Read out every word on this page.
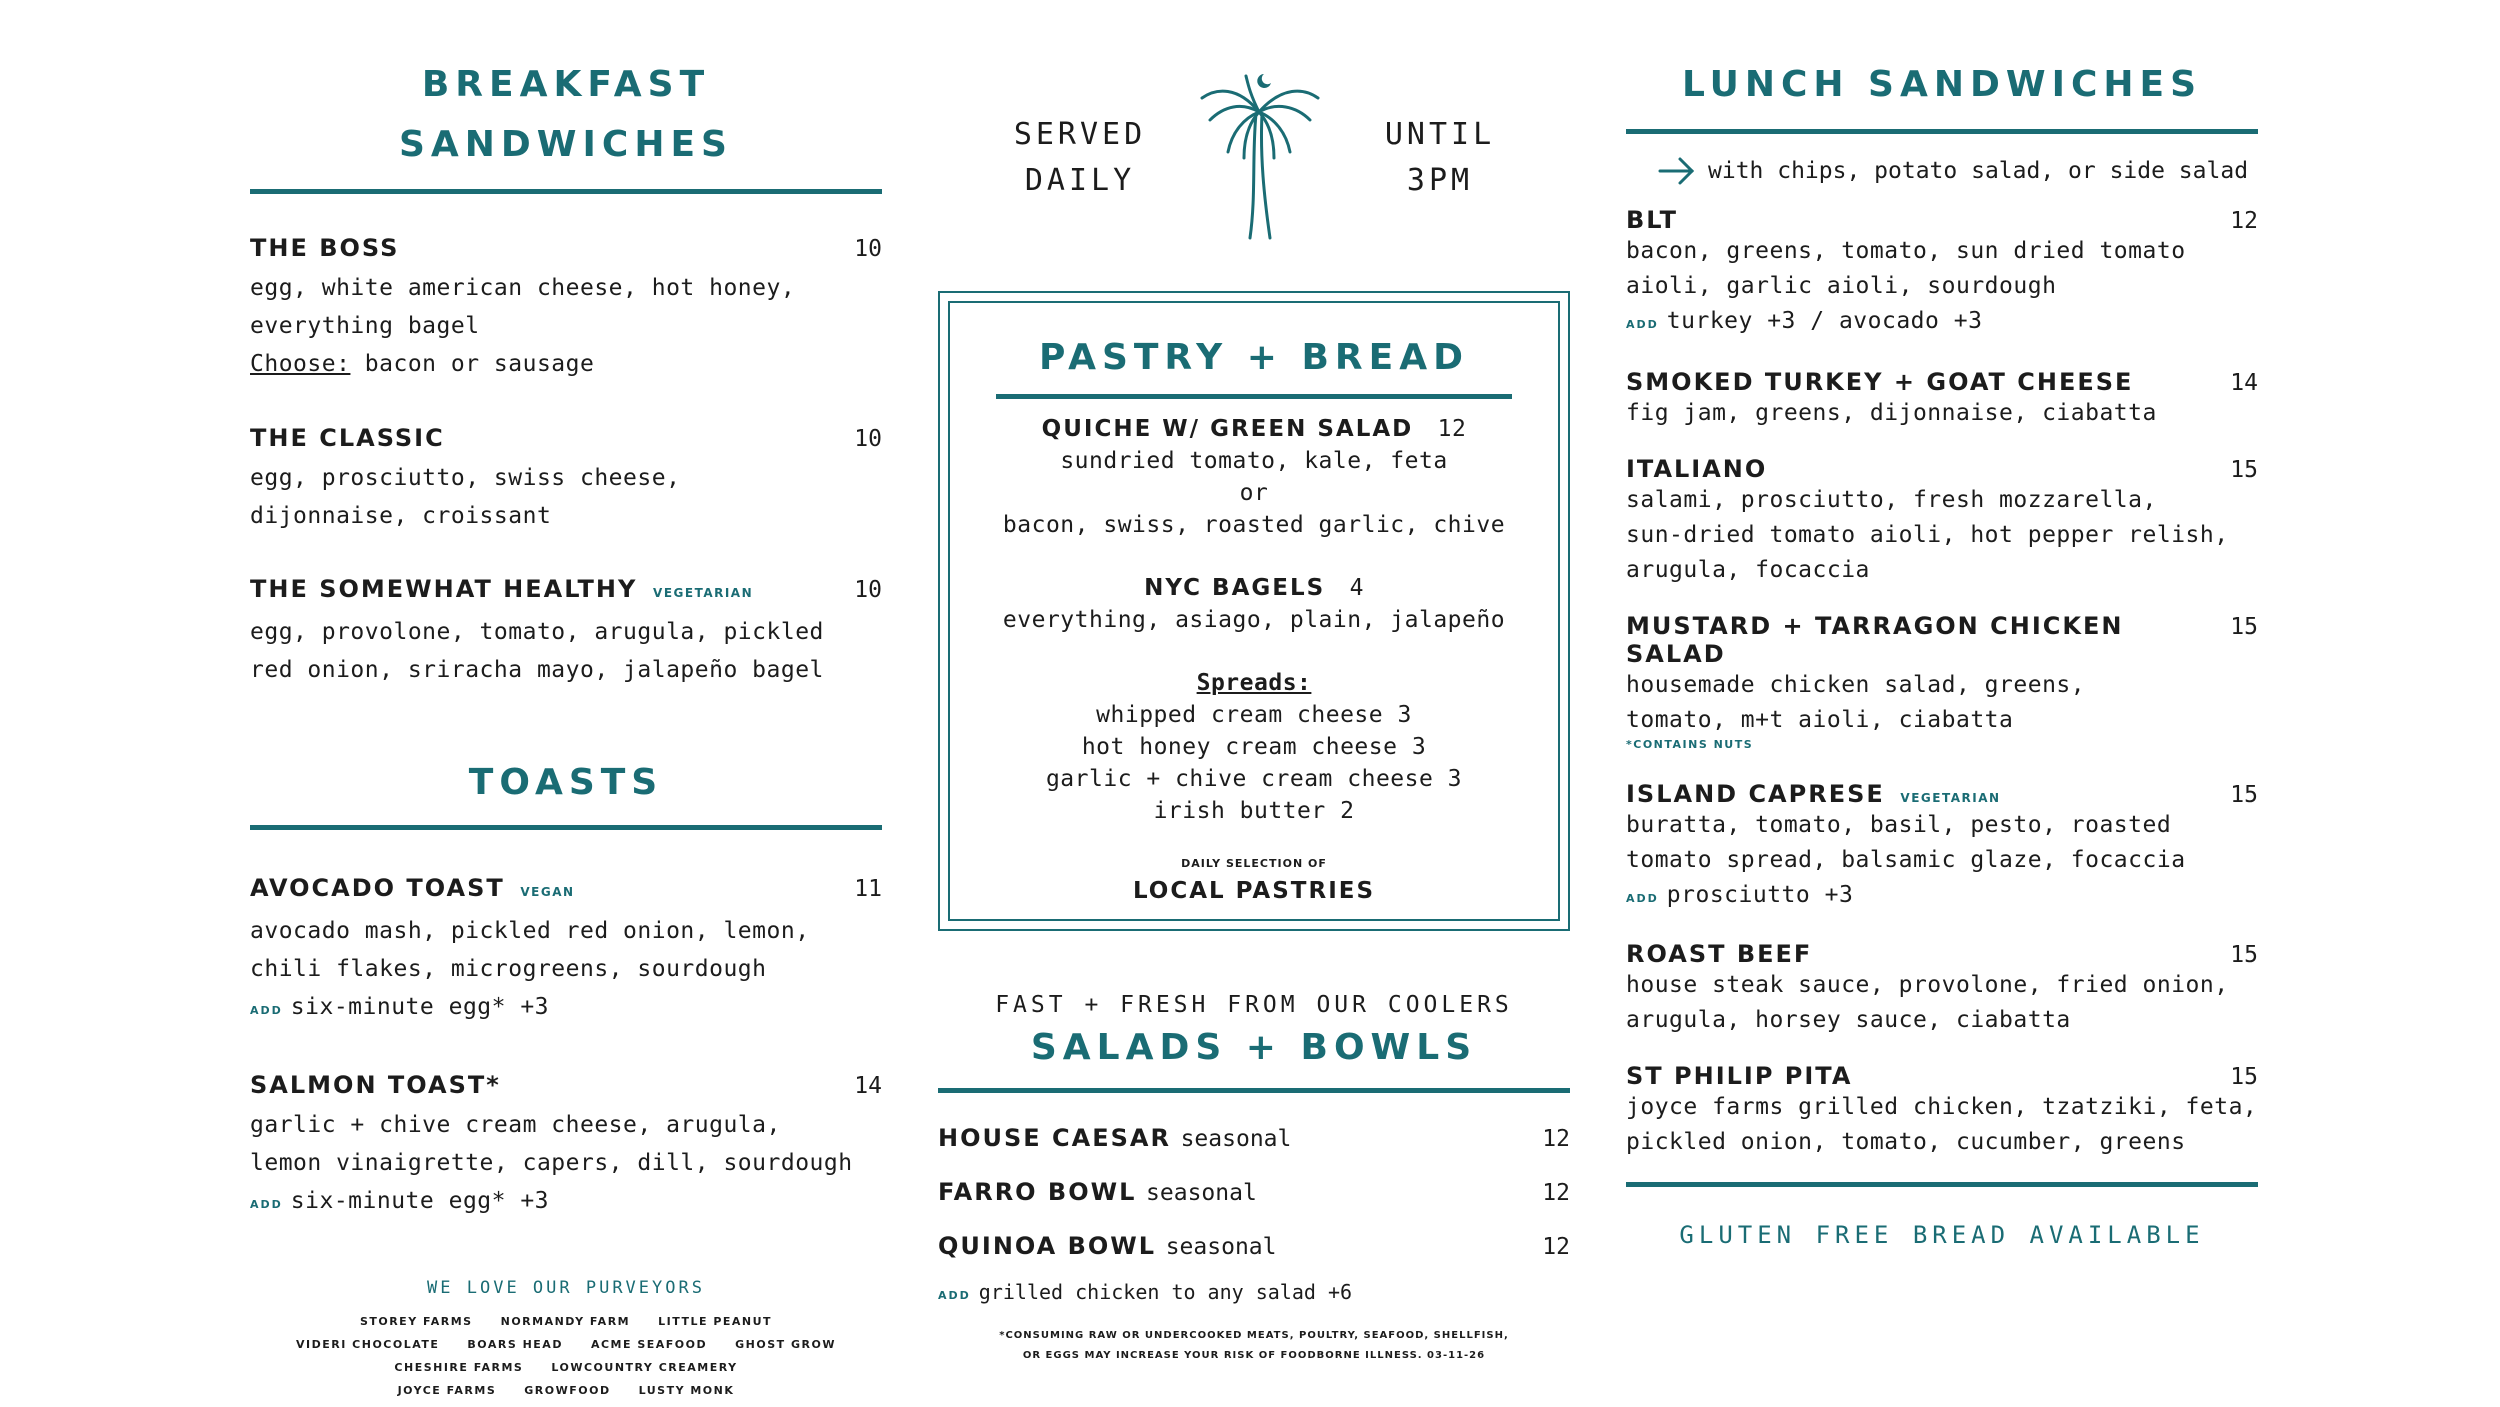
BREAKFAST SANDWICHES
THE BOSS	10
egg, white american cheese, hot honey,
everything bagel
Choose: bacon or sausage
THE CLASSIC	10
egg, prosciutto, swiss cheese,
dijonnaise, croissant
THE SOMEWHAT HEALTHY VEGETARIAN	10
egg, provolone, tomato, arugula, pickled
red onion, sriracha mayo, jalapeño bagel
TOASTS
AVOCADO TOAST VEGAN	11
avocado mash, pickled red onion, lemon,
chili flakes, microgreens, sourdough
ADD six-minute egg* +3
SALMON TOAST*	14
garlic + chive cream cheese, arugula,
lemon vinaigrette, capers, dill, sourdough
ADD six-minute egg* +3
WE LOVE OUR PURVEYORS
STOREY FARMS	NORMANDY FARM	LITTLE PEANUT
VIDERI CHOCOLATE	BOARS HEAD	ACME SEAFOOD	GHOST GROW
CHESHIRE FARMS	LOWCOUNTRY CREAMERY
JOYCE FARMS	GROWFOOD	LUSTY MONK
SERVED
DAILY
UNTIL
3PM
PASTRY + BREAD
QUICHE W/ GREEN SALAD 12
sundried tomato, kale, feta
or
bacon, swiss, roasted garlic, chive
NYC BAGELS 4
everything, asiago, plain, jalapeño
Spreads:
whipped cream cheese 3
hot honey cream cheese 3
garlic + chive cream cheese 3
irish butter 2
DAILY SELECTION OF
LOCAL PASTRIES
FAST + FRESH FROM OUR COOLERS
SALADS + BOWLS
HOUSE CAESAR seasonal	12
FARRO BOWL seasonal	12
QUINOA BOWL seasonal	12
ADD grilled chicken to any salad +6
*CONSUMING RAW OR UNDERCOOKED MEATS, POULTRY, SEAFOOD, SHELLFISH,
OR EGGS MAY INCREASE YOUR RISK OF FOODBORNE ILLNESS. 03-11-26
LUNCH SANDWICHES
with chips, potato salad, or side salad
BLT	12
bacon, greens, tomato, sun dried tomato
aioli, garlic aioli, sourdough
ADD turkey +3 / avocado +3
SMOKED TURKEY + GOAT CHEESE	14
fig jam, greens, dijonnaise, ciabatta
ITALIANO	15
salami, prosciutto, fresh mozzarella,
sun-dried tomato aioli, hot pepper relish,
arugula, focaccia
MUSTARD + TARRAGON CHICKEN SALAD
15
housemade chicken salad, greens,
tomato, m+t aioli, ciabatta
*CONTAINS NUTS
ISLAND CAPRESE VEGETARIAN	15
buratta, tomato, basil, pesto, roasted
tomato spread, balsamic glaze, focaccia
ADD prosciutto +3
ROAST BEEF	15
house steak sauce, provolone, fried onion,
arugula, horsey sauce, ciabatta
ST PHILIP PITA	15
joyce farms grilled chicken, tzatziki, feta,
pickled onion, tomato, cucumber, greens
GLUTEN FREE BREAD AVAILABLE
